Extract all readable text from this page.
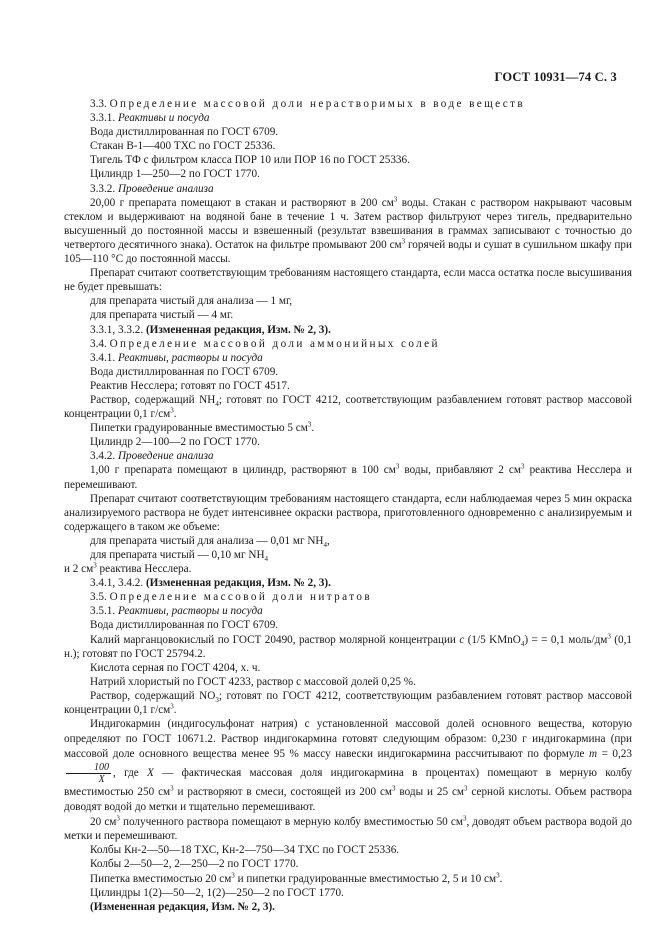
ГОСТ 10931—74 С. 3

3.3. Определение массовой доли нерастворимых в воде веществ

3.3.1. Реактивы и посуда

Вода дистиллированная по ГОСТ 6709.

Стакан В-1—400 ТХС по ГОСТ 25336.

Тигель ТФ с фильтром класса ПОР 10 или ПОР 16 по ГОСТ 25336.

Цилиндр 1—250—2 по ГОСТ 1770.

3.3.2. Проведение анализа

20,00 г препарата помещают в стакан и растворяют в 200 $см^3$ воды. Стакан с раствором накрывают часовым стеклом и выдерживают на водяной бане в течение 1 ч. Затем раствор фильтруют через тигель, предварительно высушенный до постоянной массы и взвешенный (результат взвешивания в граммах записывают с точностью до четвертого десятичного знака). Остаток на фильтре промывают 200 $см^3$ горячей воды и сушат в сушильном шкафу при 105—110 °С до постоянной массы.

Препарат считают соответствующим требованиям настоящего стандарта, если масса остатка после высушивания не будет превышать:

для препарата чистый для анализа — 1 мг,

для препарата чистый — 4 мг.

3.3.1, 3.3.2. (Измененная редакция, Изм. № 2, 3).

3.4. Определение массовой доли аммонийных солей

3.4.1. Реактивы, растворы и посуда

Вода дистиллированная по ГОСТ 6709.

Реактив Несслера; готовят по ГОСТ 4517.

Раствор, содержащий $NH_4$; готовят по ГОСТ 4212, соответствующим разбавлением готовят раствор массовой концентрации 0,1 $г/см^3$.

Пипетки градуированные вместимостью 5 $см^3$.

Цилиндр 2—100—2 по ГОСТ 1770.

3.4.2. Проведение анализа

1,00 г препарата помещают в цилиндр, растворяют в 100 $см^3$ воды, прибавляют 2 $см^3$ реактива Несслера и перемешивают.

Препарат считают соответствующим требованиям настоящего стандарта, если наблюдаемая через 5 мин окраска анализируемого раствора не будет интенсивнее окраски раствора, приготовленного одновременно с анализируемым и содержащего в таком же объеме:

для препарата чистый для анализа — 0,01 мг $NH_4$,

для препарата чистый — 0,10 мг $NH_4$

и 2 $см^3$ реактива Несслера.

3.4.1, 3.4.2. (Измененная редакция, Изм. № 2, 3).

3.5. Определение массовой доли нитратов

3.5.1. Реактивы, растворы и посуда

Вода дистиллированная по ГОСТ 6709.

Калий марганцовокислый по ГОСТ 20490, раствор молярной концентрации c (1/5 KMnO$_4$) = = 0,1 моль/$дм^3$ (0,1 н.); готовят по ГОСТ 25794.2.

Кислота серная по ГОСТ 4204, х. ч.

Натрий хлористый по ГОСТ 4233, раствор с массовой долей 0,25 %.

Раствор, содержащий $NO_3$; готовят по ГОСТ 4212, соответствующим разбавлением готовят раствор массовой концентрации 0,1 $г/см^3$.

Индигокармин (индигосульфонат натрия) с установленной массовой долей основного вещества, которую определяют по ГОСТ 10671.2. Раствор индигокармина готовят следующим образом: 0,230 г индигокармина (при массовой доле основного вещества менее 95 % массу навески индигокармина рассчитывают по формуле m = 0,23
$\frac{100}{X}$ , где X — фактическая массовая доля индигокармина в процентах) помещают в мерную колбу вместимостью 250 $см^3$ и растворяют в смеси, состоящей из 200 $см^3$ воды и 25 $см^3$ серной кислоты. Объем раствора доводят водой до метки и тщательно перемешивают.

20 $см^3$ полученного раствора помещают в мерную колбу вместимостью 50 $см^3$, доводят объем раствора водой до метки и перемешивают.

Колбы Кн-2—50—18 ТХС, Кн-2—750—34 ТХС по ГОСТ 25336.

Колбы 2—50—2, 2—250—2 по ГОСТ 1770.

Пипетка вместимостью 20 $см^3$ и пипетки градуированные вместимостью 2, 5 и 10 $см^3$.

Цилиндры 1(2)—50—2, 1(2)—250—2 по ГОСТ 1770.

(Измененная редакция, Изм. № 2, 3).
